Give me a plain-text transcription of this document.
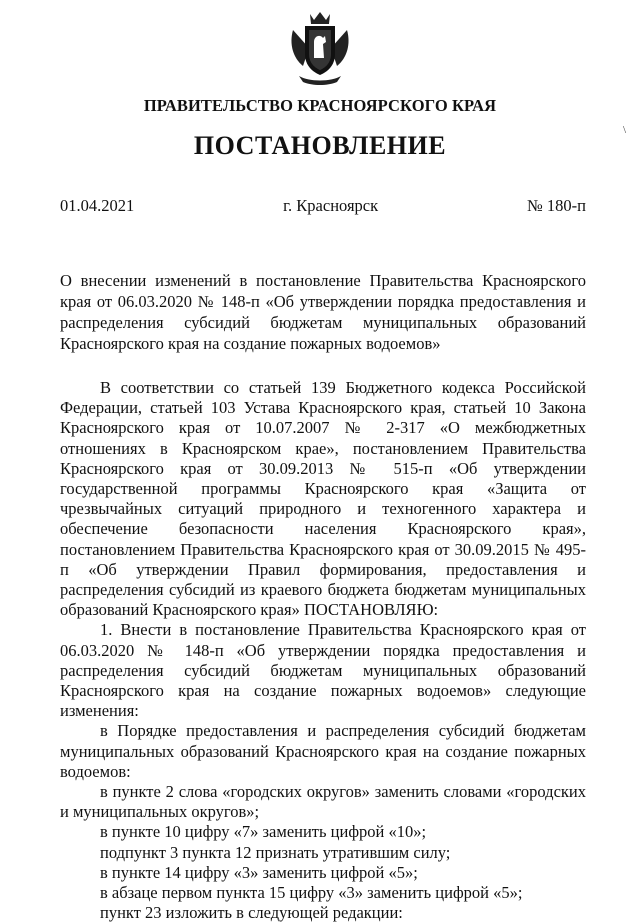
\
ПРАВИТЕЛЬСТВО КРАСНОЯРСКОГО КРАЯ
ПОСТАНОВЛЕНИЕ
01.04.2021	г. Красноярск	№ 180-п
О внесении изменений в постановление Правительства Красноярского края от 06.03.2020 № 148-п «Об утверждении порядка предоставления и распределения субсидий бюджетам муниципальных образований Красноярского края на создание пожарных водоемов»

В соответствии со статьей 139 Бюджетного кодекса Российской Федерации, статьей 103 Устава Красноярского края, статьей 10 Закона Красноярского края от 10.07.2007 № 2-317 «О межбюджетных отношениях в Красноярском крае», постановлением Правительства Красноярского края от 30.09.2013 № 515-п «Об утверждении государственной программы Красноярского края «Защита от чрезвычайных ситуаций природного и техногенного характера и обеспечение безопасности населения Красноярского края», постановлением Правительства Красноярского края от 30.09.2015 № 495-п «Об утверждении Правил формирования, предоставления и распределения субсидий из краевого бюджета бюджетам муниципальных образований Красноярского края» ПОСТАНОВЛЯЮ:

1. Внести в постановление Правительства Красноярского края от 06.03.2020 № 148-п «Об утверждении порядка предоставления и распределения субсидий бюджетам муниципальных образований Красноярского края на создание пожарных водоемов» следующие изменения:

в Порядке предоставления и распределения субсидий бюджетам муниципальных образований Красноярского края на создание пожарных водоемов:

в пункте 2 слова «городских округов» заменить словами «городских и муниципальных округов»;

в пункте 10 цифру «7» заменить цифрой «10»;

подпункт 3 пункта 12 признать утратившим силу;

в пункте 14 цифру «3» заменить цифрой «5»;

в абзаце первом пункта 15 цифру «3» заменить цифрой «5»;

пункт 23 изложить в следующей редакции:
